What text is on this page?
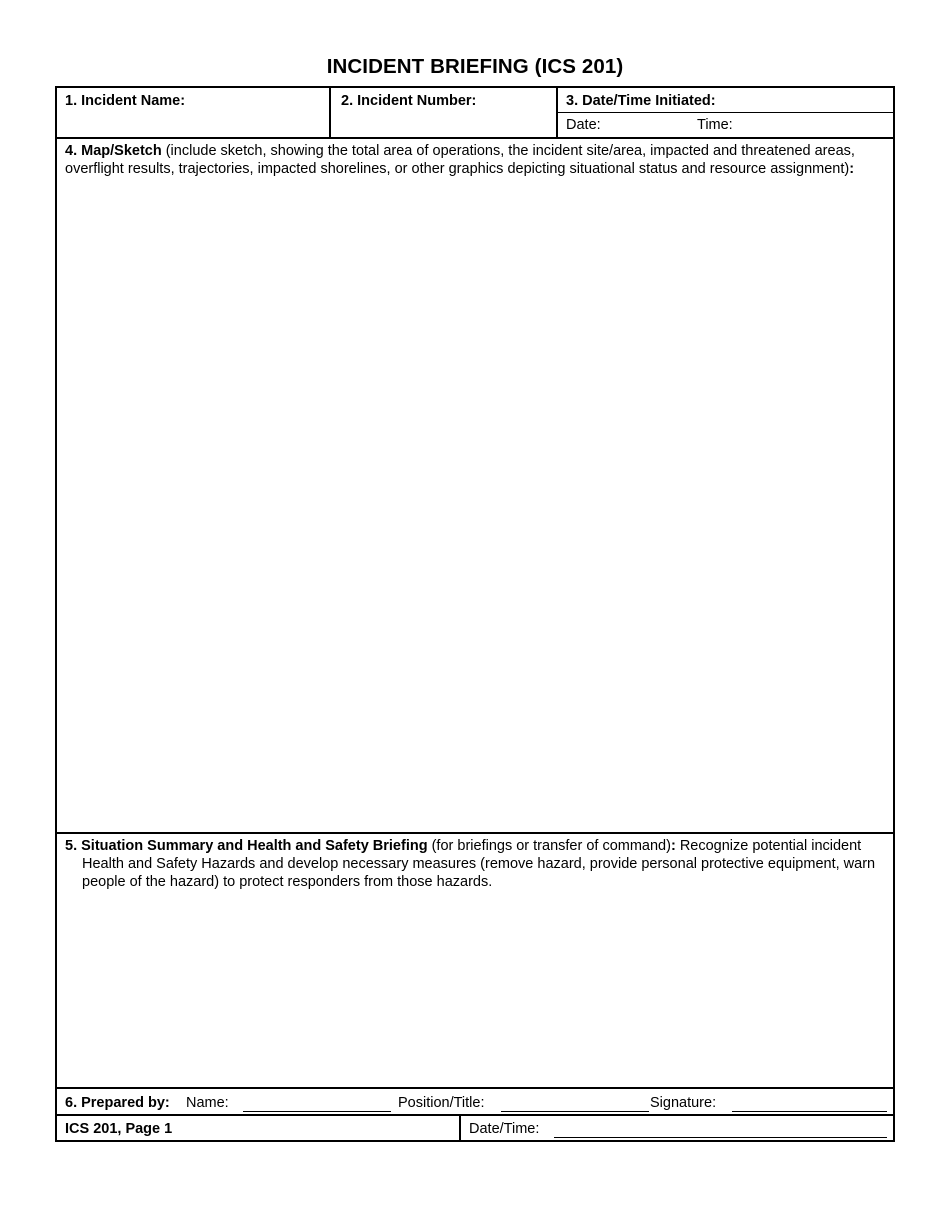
INCIDENT BRIEFING (ICS 201)
1. Incident Name:	2. Incident Number:	3. Date/Time Initiated:
Date:	Time:
4. Map/Sketch (include sketch, showing the total area of operations, the incident site/area, impacted and threatened areas, overflight results, trajectories, impacted shorelines, or other graphics depicting situational status and resource assignment):
5. Situation Summary and Health and Safety Briefing (for briefings or transfer of command): Recognize potential incident Health and Safety Hazards and develop necessary measures (remove hazard, provide personal protective equipment, warn people of the hazard) to protect responders from those hazards.
6. Prepared by: Name:	Position/Title:	Signature:
ICS 201, Page 1	Date/Time:
